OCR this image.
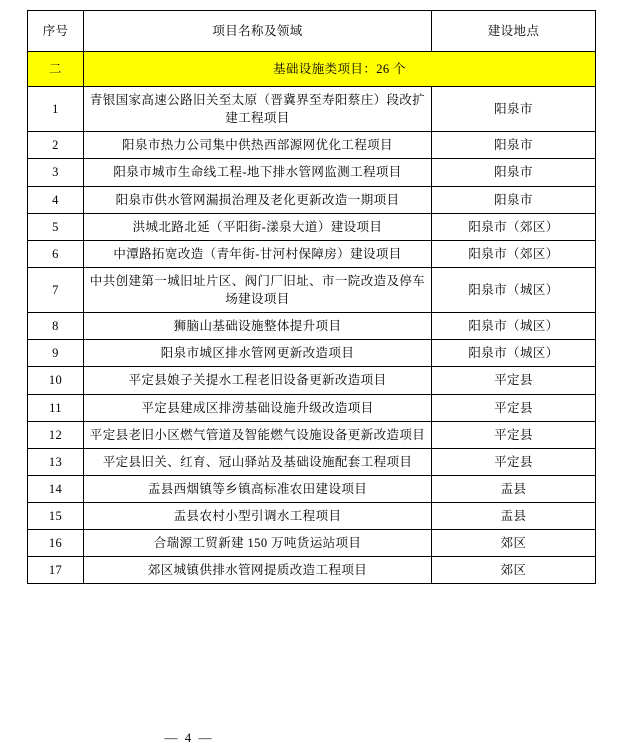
序号	项目名称及领域	建设地点
二	基础设施类项目：26 个	
1	青银国家高速公路旧关至太原（晋冀界至寿阳蔡庄）段改扩建工程项目	阳泉市
2	阳泉市热力公司集中供热西部源网优化工程项目	阳泉市
3	阳泉市城市生命线工程-地下排水管网监测工程项目	阳泉市
4	阳泉市供水管网漏损治理及老化更新改造一期项目	阳泉市
5	洪城北路北延（平阳街-漾泉大道）建设项目	阳泉市（郊区）
6	中潭路拓宽改造（青年街-甘河村保障房）建设项目	阳泉市（郊区）
7	中共创建第一城旧址片区、阀门厂旧址、市一院改造及停车场建设项目	阳泉市（城区）
8	狮脑山基础设施整体提升项目	阳泉市（城区）
9	阳泉市城区排水管网更新改造项目	阳泉市（城区）
10	平定县娘子关提水工程老旧设备更新改造项目	平定县
11	平定县建成区排涝基础设施升级改造项目	平定县
12	平定县老旧小区燃气管道及智能燃气设施设备更新改造项目	平定县
13	平定县旧关、红育、冠山驿站及基础设施配套工程项目	平定县
14	盂县西烟镇等乡镇高标准农田建设项目	盂县
15	盂县农村小型引调水工程项目	盂县
16	合瑞源工贸新建 150 万吨货运站项目	郊区
17	郊区城镇供排水管网提质改造工程项目	郊区
— 4 —
